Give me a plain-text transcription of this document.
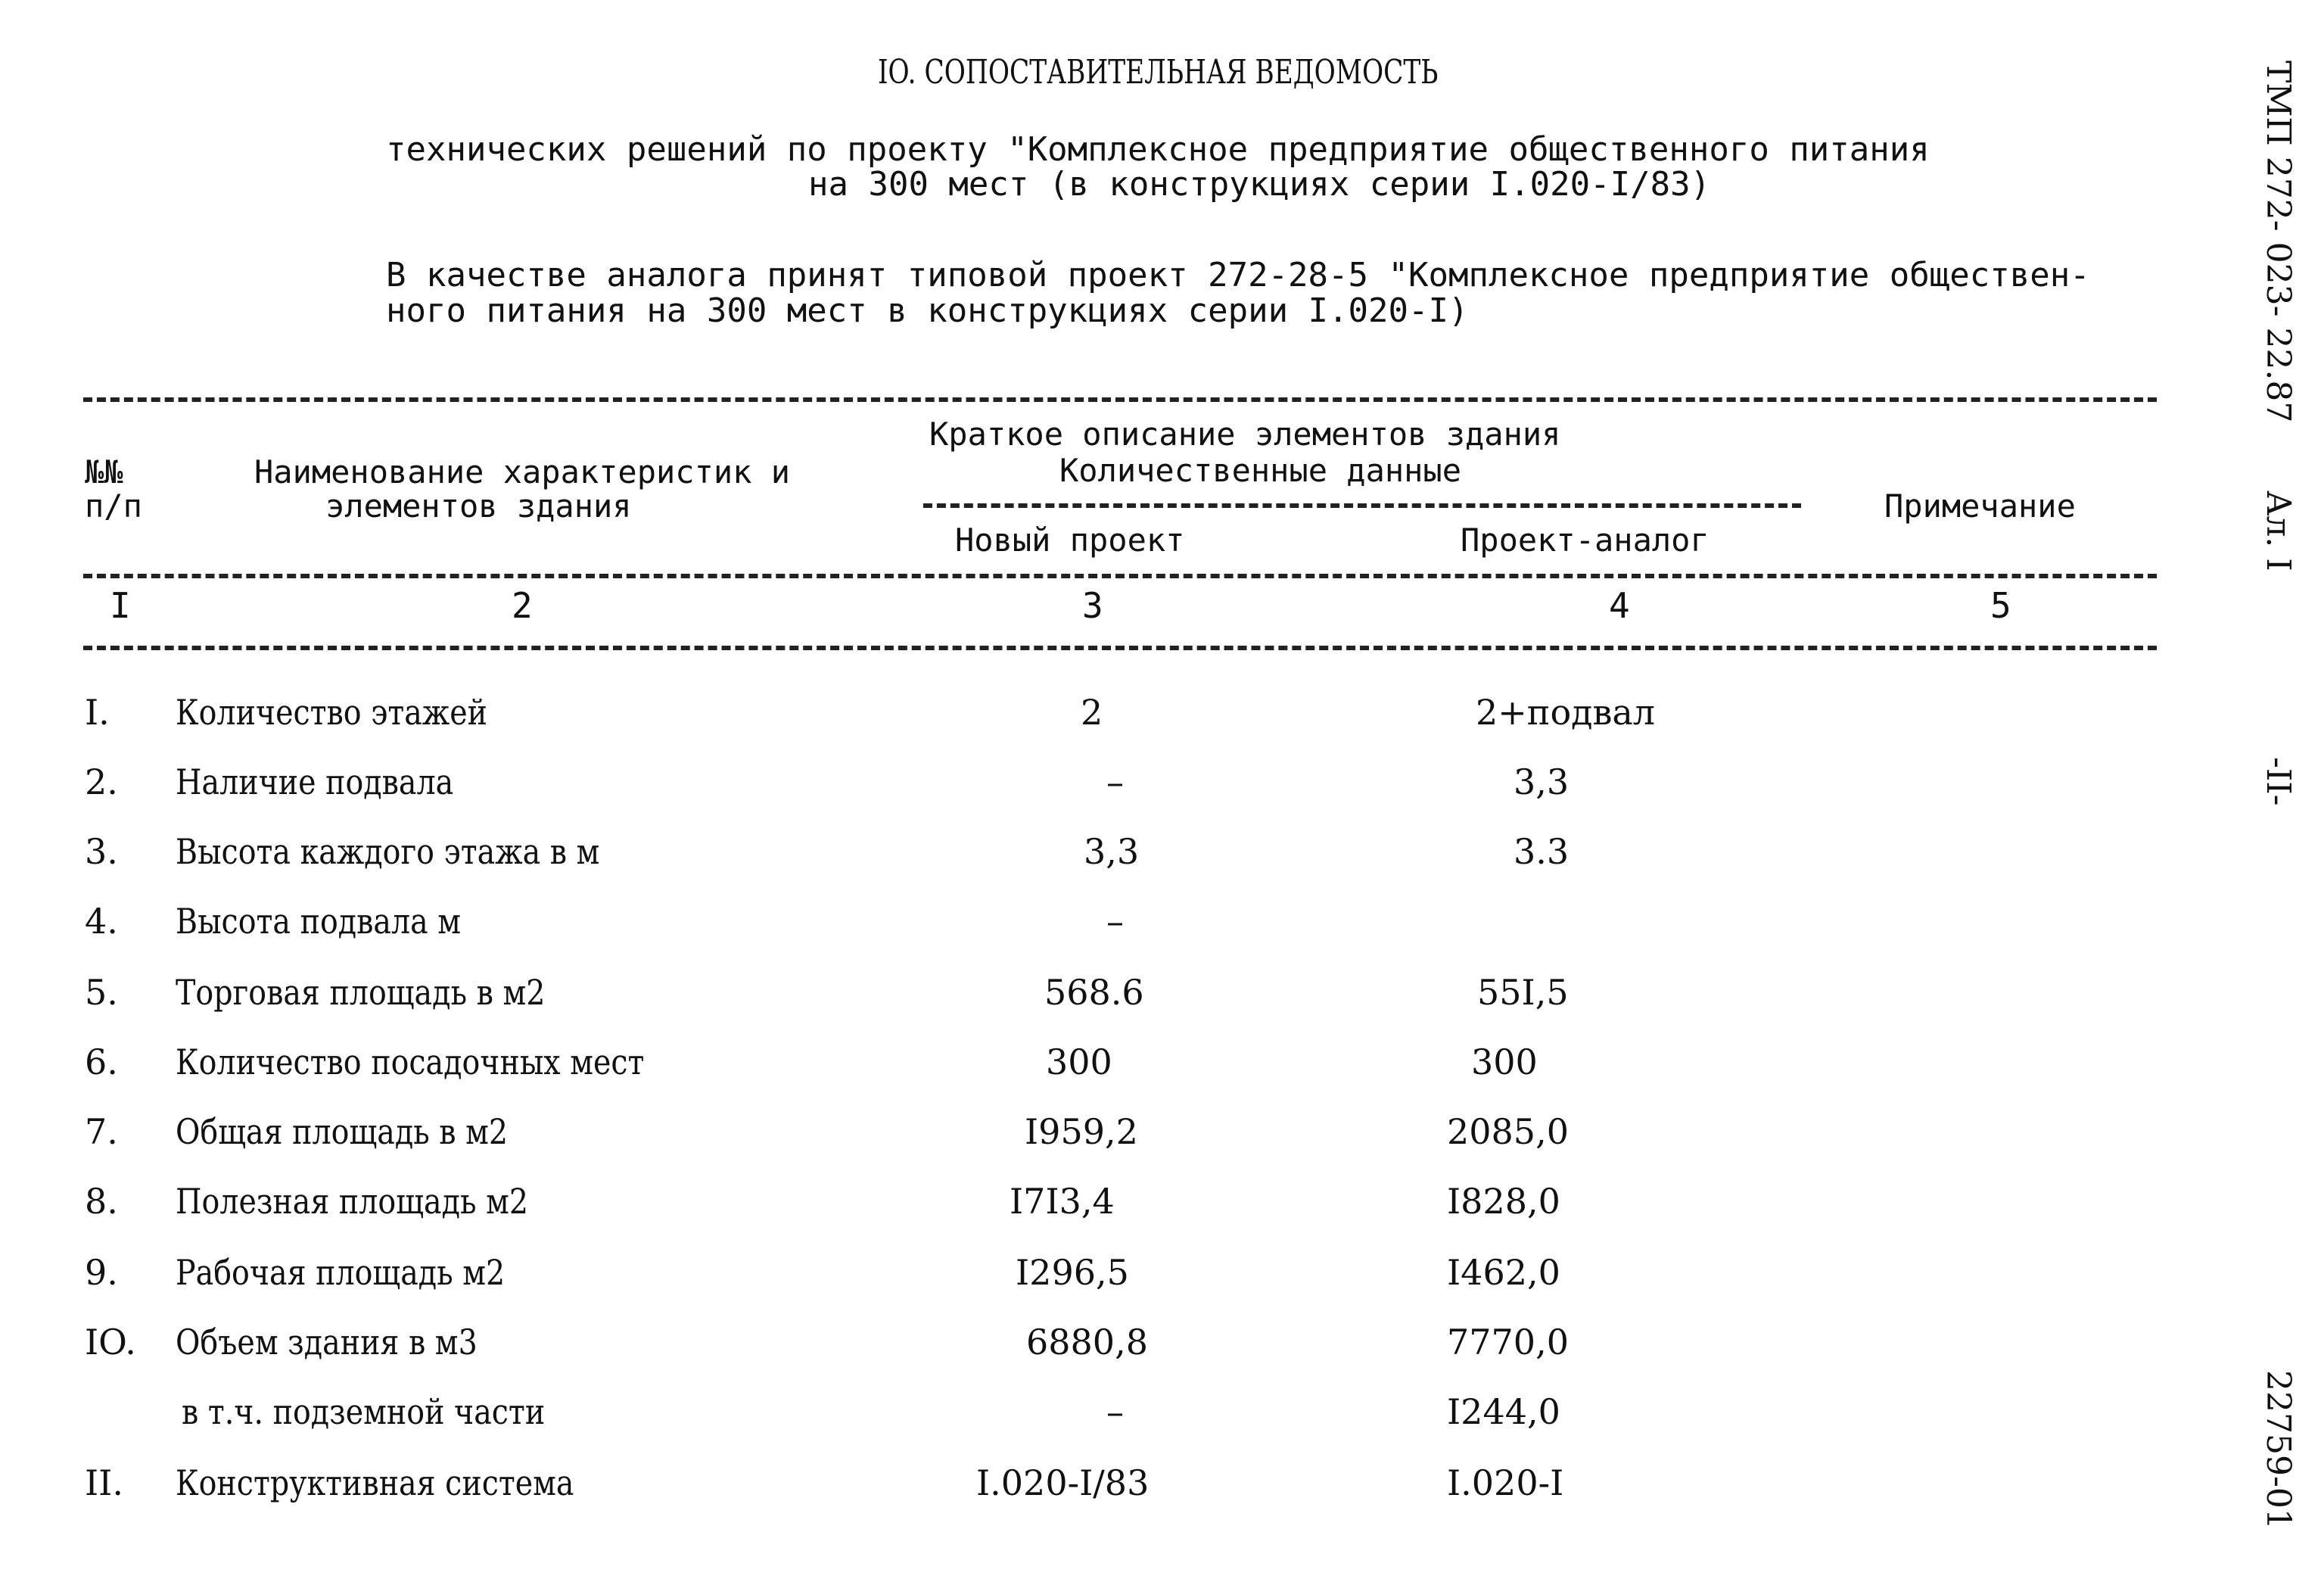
IO. СОПОСТАВИТЕЛЬНАЯ ВЕДОМОСТЬ
технических решений по проекту "Комплексное предприятие общественного питания
на 300 мест (в конструкциях серии I.020-I/83)
В качестве аналога принят типовой проект 272-28-5 "Комплексное предприятие обществен-
ного питания на 300 мест в конструкциях серии I.020-I)
№№
п/п
Наименование характеристик и
элементов здания
Краткое описание элементов здания
Количественные данные
Новый проект	Проект-аналог
Примечание
I	2	3	4	5
I. Количество этажей	2	2+подвал
2. Наличие подвала	–	3,3
3. Высота каждого этажа в м	3,3	3.3
4. Высота подвала м	–
5. Торговая площадь в м2	568.6	55I,5
6. Количество посадочных мест	300	300
7. Общая площадь в м2	I959,2	2085,0
8. Полезная площадь м2	I7I3,4	I828,0
9. Рабочая площадь м2	I296,5	I462,0
IO. Объем здания в м3	6880,8	7770,0
в т.ч. подземной части	–	I244,0
II. Конструктивная система	I.020-I/83	I.020-I
ТМП 272- 023- 22.87
Ал. I
-II-
22759-01
